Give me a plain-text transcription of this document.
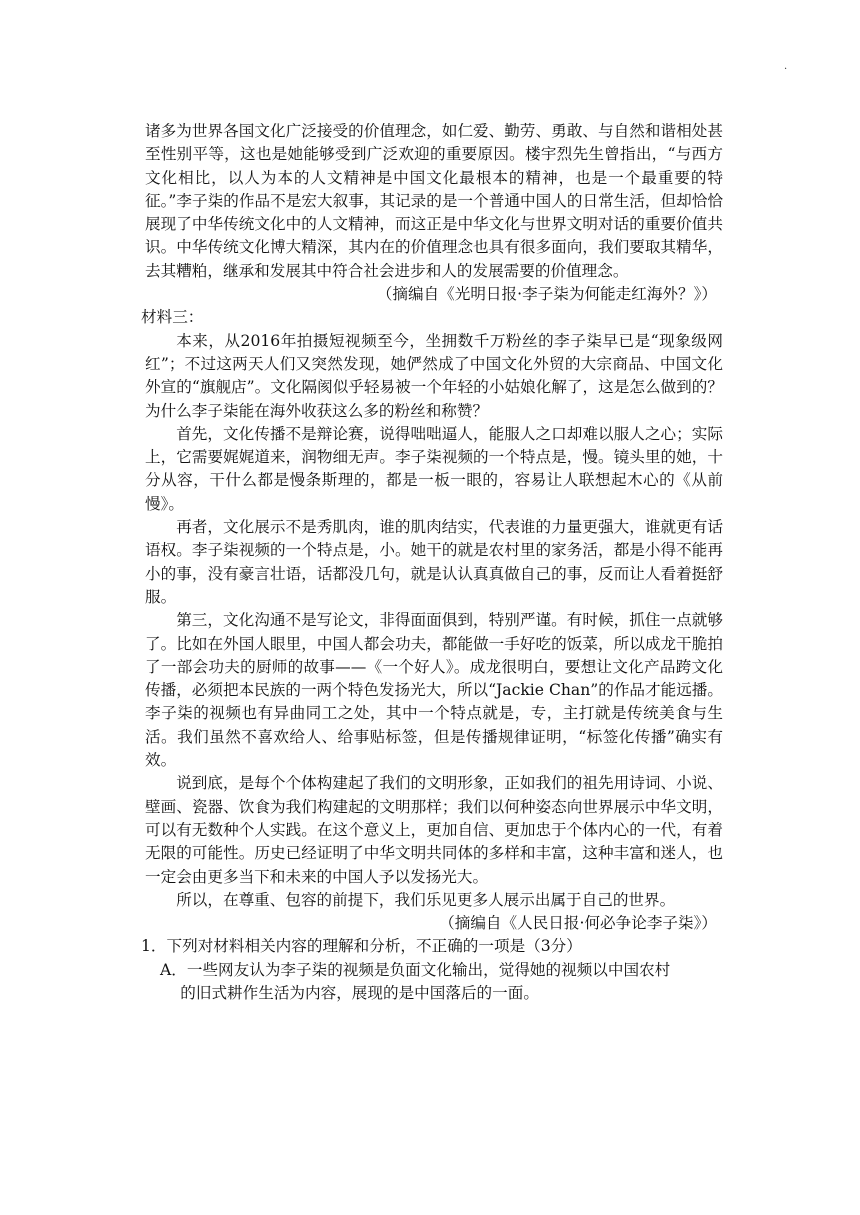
.

诸多为世界各国文化广泛接受的价值理念，如仁爱、勤劳、勇敢、与自然和谐相处甚至性别平等，这也是她能够受到广泛欢迎的重要原因。楼宇烈先生曾指出，“与西方文化相比，以人为本的人文精神是中国文化最根本的精神，也是一个最重要的特征。”李子柒的作品不是宏大叙事，其记录的是一个普通中国人的日常生活，但却恰恰展现了中华传统文化中的人文精神，而这正是中华文化与世界文明对话的重要价值共识。中华传统文化博大精深，其内在的价值理念也具有很多面向，我们要取其精华，去其糟粕，继承和发展其中符合社会进步和人的发展需要的价值理念。

（摘编自《光明日报·李子柒为何能走红海外？》）

材料三：

本来，从2016年拍摄短视频至今，坐拥数千万粉丝的李子柒早已是“现象级网红”；不过这两天人们又突然发现，她俨然成了中国文化外贸的大宗商品、中国文化外宣的“旗舰店”。文化隔阂似乎轻易被一个年轻的小姑娘化解了，这是怎么做到的？为什么李子柒能在海外收获这么多的粉丝和称赞？

首先，文化传播不是辩论赛，说得咄咄逼人，能服人之口却难以服人之心；实际上，它需要娓娓道来，润物细无声。李子柒视频的一个特点是，慢。镜头里的她，十分从容，干什么都是慢条斯理的，都是一板一眼的，容易让人联想起木心的《从前慢》。

再者，文化展示不是秀肌肉，谁的肌肉结实，代表谁的力量更强大，谁就更有话语权。李子柒视频的一个特点是，小。她干的就是农村里的家务活，都是小得不能再小的事，没有豪言壮语，话都没几句，就是认认真真做自己的事，反而让人看着挺舒服。

第三，文化沟通不是写论文，非得面面俱到，特别严谨。有时候，抓住一点就够了。比如在外国人眼里，中国人都会功夫，都能做一手好吃的饭菜，所以成龙干脆拍了一部会功夫的厨师的故事——《一个好人》。成龙很明白，要想让文化产品跨文化传播，必须把本民族的一两个特色发扬光大，所以“Jackie Chan”的作品才能远播。李子柒的视频也有异曲同工之处，其中一个特点就是，专，主打就是传统美食与生活。我们虽然不喜欢给人、给事贴标签，但是传播规律证明，“标签化传播”确实有效。

说到底，是每个个体构建起了我们的文明形象，正如我们的祖先用诗词、小说、壁画、瓷器、饮食为我们构建起的文明那样；我们以何种姿态向世界展示中华文明，可以有无数种个人实践。在这个意义上，更加自信、更加忠于个体内心的一代，有着无限的可能性。历史已经证明了中华文明共同体的多样和丰富，这种丰富和迷人，也一定会由更多当下和未来的中国人予以发扬光大。

所以，在尊重、包容的前提下，我们乐见更多人展示出属于自己的世界。

（摘编自《人民日报·何必争论李子柒》）

1．下列对材料相关内容的理解和分析，不正确的一项是（3分）

A．一些网友认为李子柒的视频是负面文化输出，觉得她的视频以中国农村
的旧式耕作生活为内容，展现的是中国落后的一面。
